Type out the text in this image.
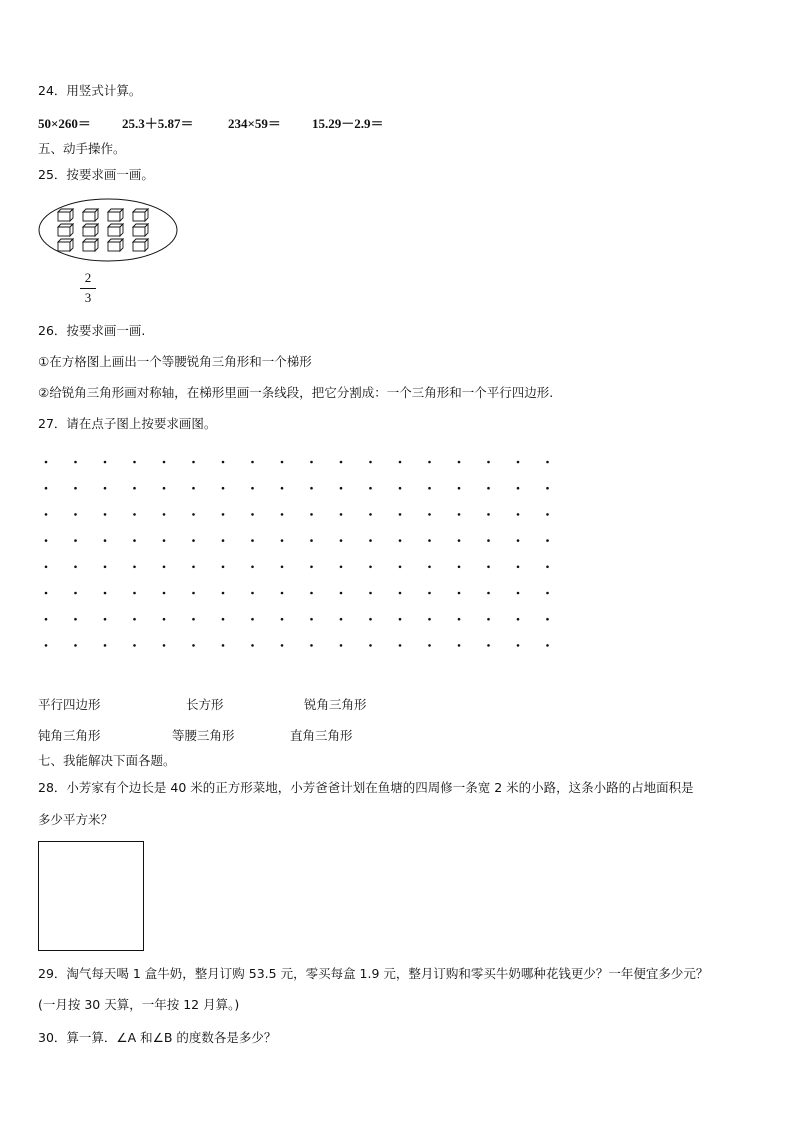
24．用竖式计算。
50×260＝ 25.3＋5.87＝	234×59＝ 15.29－2.9＝
五、动手操作。
25．按要求画一画。
2
3
26．按要求画一画.
①在方格图上画出一个等腰锐角三角形和一个梯形
②给锐角三角形画对称轴，在梯形里画一条线段，把它分割成：一个三角形和一个平行四边形.
27．请在点子图上按要求画图。
平行四边形	长方形	锐角三角形
钝角三角形	等腰三角形	直角三角形
七、我能解决下面各题。
28．小芳家有个边长是 40 米的正方形菜地，小芳爸爸计划在鱼塘的四周修一条宽 2 米的小路，这条小路的占地面积是
多少平方米？
29．淘气每天喝 1 盒牛奶，整月订购 53.5 元，零买每盒 1.9 元，整月订购和零买牛奶哪种花钱更少？一年便宜多少元？
(一月按 30 天算，一年按 12 月算。)
30．算一算．∠A 和∠B 的度数各是多少？
